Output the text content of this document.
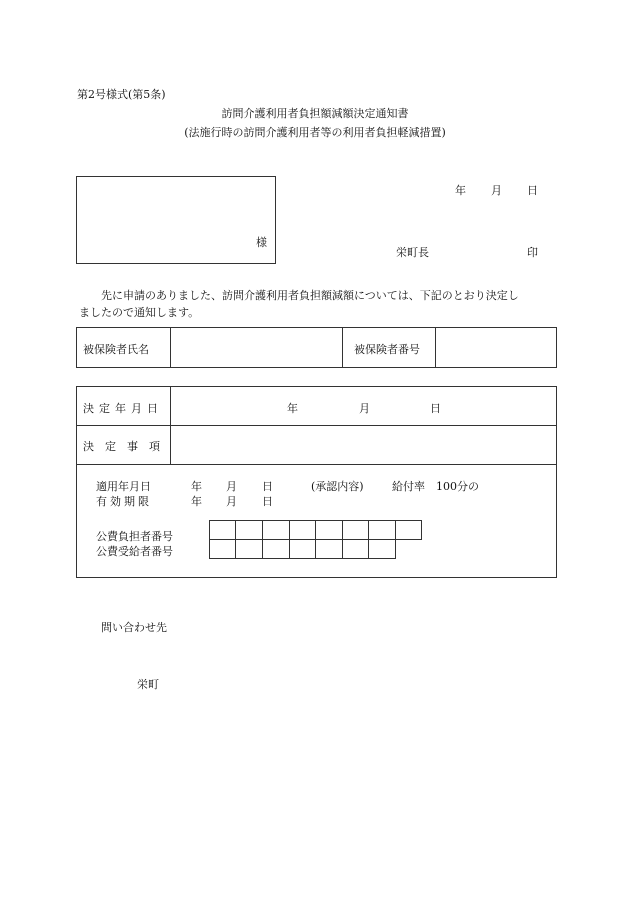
第2号様式(第5条)
訪問介護利用者負担額減額決定通知書
(法施行時の訪問介護利用者等の利用者負担軽減措置)
様
年 月 日
栄町長	印
先に申請のありました、訪問介護利用者負担額減額については、下記のとおり決定し
ましたので通知します。
被保険者氏名	被保険者番号
決定年月日	年	月	日
決定事項
適用年月日	年 月 日	(承認内容)	給付率　100分の
有効期限	年 月 日
公費負担者番号
公費受給者番号
問い合わせ先
栄町
